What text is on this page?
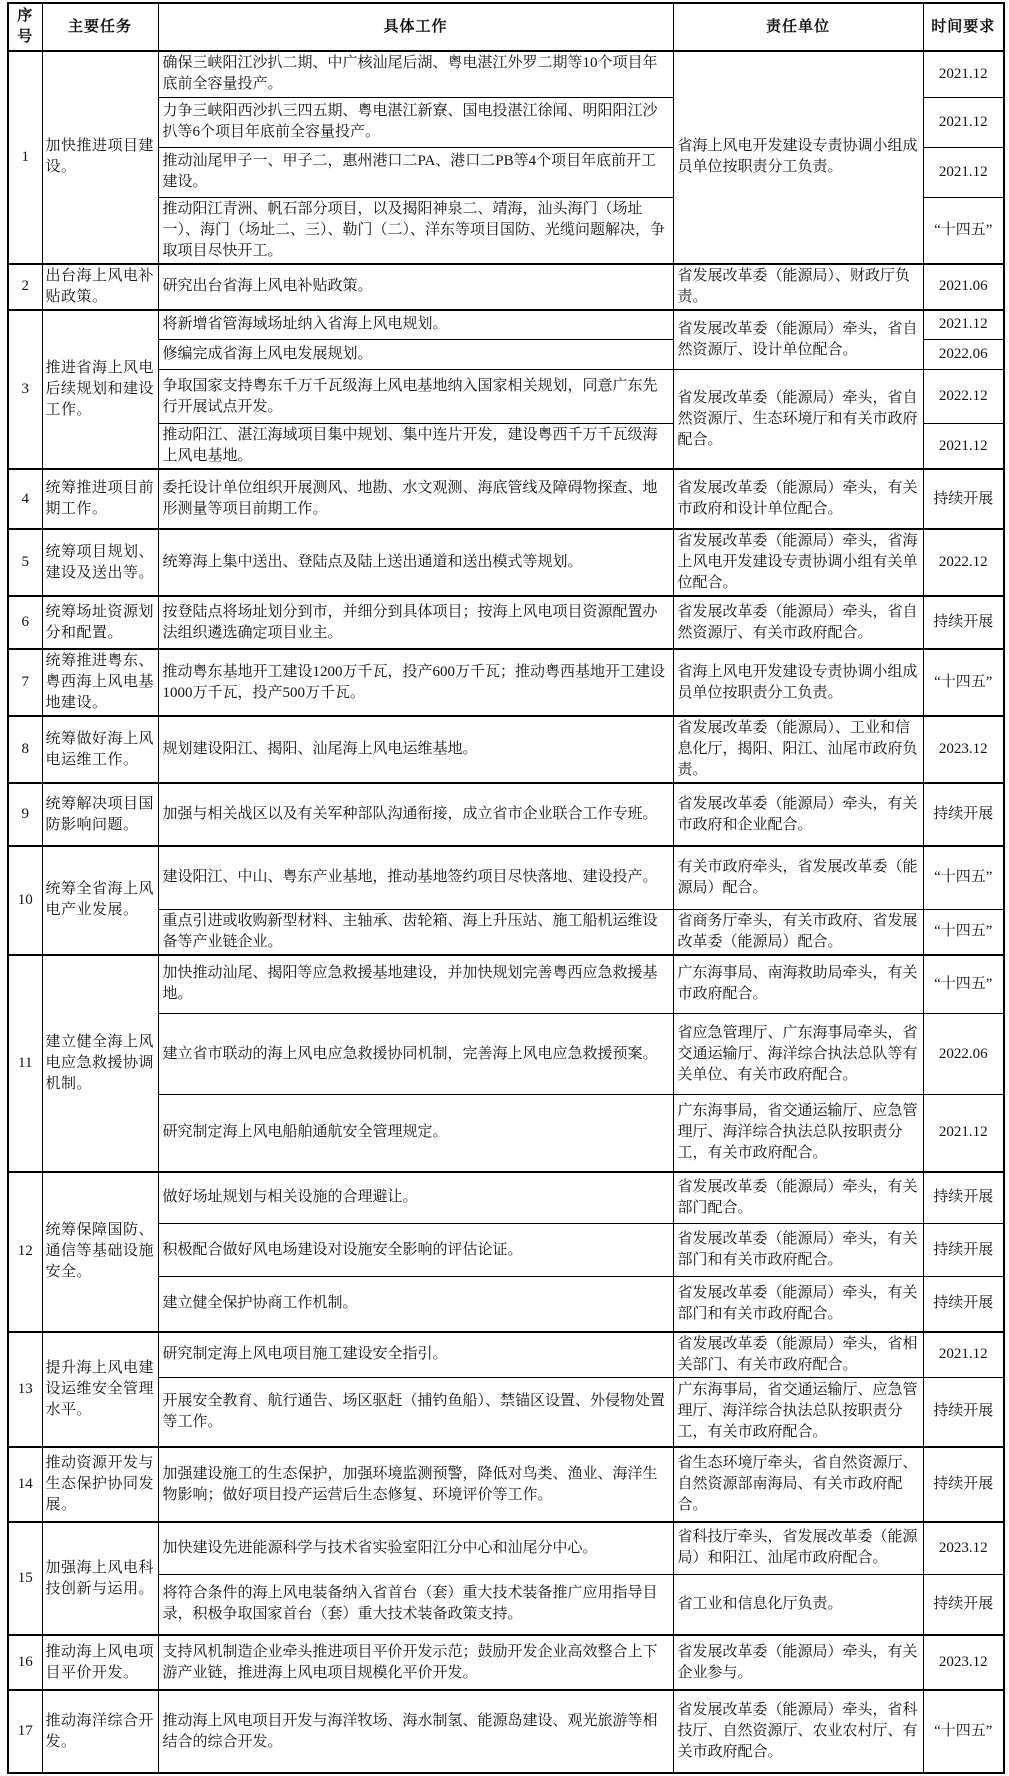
序号	主要任务	具体工作	责任单位	时间要求
1	加快推进项目建设。	确保三峡阳江沙扒二期、中广核汕尾后湖、粤电湛江外罗二期等10个项目年底前全容量投产。	省海上风电开发建设专责协调小组成员单位按职责分工负责。	2021.12
		力争三峡阳西沙扒三四五期、粤电湛江新寮、国电投湛江徐闻、明阳阳江沙扒等6个项目年底前全容量投产。		2021.12
		推动汕尾甲子一、甲子二，惠州港口二PA、港口二PB等4个项目年底前开工建设。		2021.12
		推动阳江青洲、帆石部分项目，以及揭阳神泉二、靖海，汕头海门（场址一）、海门（场址二、三）、勒门（二）、洋东等项目国防、光缆问题解决，争取项目尽快开工。		“十四五”
2	出台海上风电补贴政策。	研究出台省海上风电补贴政策。	省发展改革委（能源局）、财政厅负责。	2021.06
3	推进省海上风电后续规划和建设工作。	将新增省管海域场址纳入省海上风电规划。	省发展改革委（能源局）牵头，省自然资源厅、设计单位配合。	2021.12
		修编完成省海上风电发展规划。		2022.06
		争取国家支持粤东千万千瓦级海上风电基地纳入国家相关规划，同意广东先行开展试点开发。	省发展改革委（能源局）牵头，省自然资源厅、生态环境厅和有关市政府配合。	2022.12
		推动阳江、湛江海域项目集中规划、集中连片开发，建设粤西千万千瓦级海上风电基地。		2021.12
4	统筹推进项目前期工作。	委托设计单位组织开展测风、地勘、水文观测、海底管线及障碍物探查、地形测量等项目前期工作。	省发展改革委（能源局）牵头，有关市政府和设计单位配合。	持续开展
5	统筹项目规划、建设及送出等。	统筹海上集中送出、登陆点及陆上送出通道和送出模式等规划。	省发展改革委（能源局）牵头，省海上风电开发建设专责协调小组有关单位配合。	2022.12
6	统筹场址资源划分和配置。	按登陆点将场址划分到市，并细分到具体项目；按海上风电项目资源配置办法组织遴选确定项目业主。	省发展改革委（能源局）牵头，省自然资源厅、有关市政府配合。	持续开展
7	统筹推进粤东、粤西海上风电基地建设。	推动粤东基地开工建设1200万千瓦，投产600万千瓦；推动粤西基地开工建设1000万千瓦，投产500万千瓦。	省海上风电开发建设专责协调小组成员单位按职责分工负责。	“十四五”
8	统筹做好海上风电运维工作。	规划建设阳江、揭阳、汕尾海上风电运维基地。	省发展改革委（能源局）、工业和信息化厅，揭阳、阳江、汕尾市政府负责。	2023.12
9	统筹解决项目国防影响问题。	加强与相关战区以及有关军种部队沟通衔接，成立省市企业联合工作专班。	省发展改革委（能源局）牵头，有关市政府和企业配合。	持续开展
10	统筹全省海上风电产业发展。	建设阳江、中山、粤东产业基地，推动基地签约项目尽快落地、建设投产。	有关市政府牵头，省发展改革委（能源局）配合。	“十四五”
		重点引进或收购新型材料、主轴承、齿轮箱、海上升压站、施工船机运维设备等产业链企业。	省商务厅牵头，有关市政府、省发展改革委（能源局）配合。	“十四五”
11	建立健全海上风电应急救援协调机制。	加快推动汕尾、揭阳等应急救援基地建设，并加快规划完善粤西应急救援基地。	广东海事局、南海救助局牵头，有关市政府配合。	“十四五”
		建立省市联动的海上风电应急救援协同机制，完善海上风电应急救援预案。	省应急管理厅、广东海事局牵头，省交通运输厅、海洋综合执法总队等有关单位、有关市政府配合。	2022.06
		研究制定海上风电船舶通航安全管理规定。	广东海事局，省交通运输厅、应急管理厅、海洋综合执法总队按职责分工，有关市政府配合。	2021.12
12	统筹保障国防、通信等基础设施安全。	做好场址规划与相关设施的合理避让。	省发展改革委（能源局）牵头，有关部门配合。	持续开展
		积极配合做好风电场建设对设施安全影响的评估论证。	省发展改革委（能源局）牵头，有关部门和有关市政府配合。	持续开展
		建立健全保护协商工作机制。	省发展改革委（能源局）牵头，有关部门和有关市政府配合。	持续开展
13	提升海上风电建设运维安全管理水平。	研究制定海上风电项目施工建设安全指引。	省发展改革委（能源局）牵头，省相关部门、有关市政府配合。	2021.12
		开展安全教育、航行通告、场区驱赶（捕钓鱼船）、禁锚区设置、外侵物处置等工作。	广东海事局，省交通运输厅、应急管理厅、海洋综合执法总队按职责分工，有关市政府配合。	持续开展
14	推动资源开发与生态保护协同发展。	加强建设施工的生态保护，加强环境监测预警，降低对鸟类、渔业、海洋生物影响；做好项目投产运营后生态修复、环境评价等工作。	省生态环境厅牵头，省自然资源厅、自然资源部南海局、有关市政府配合。	持续开展
15	加强海上风电科技创新与运用。	加快建设先进能源科学与技术省实验室阳江分中心和汕尾分中心。	省科技厅牵头，省发展改革委（能源局）和阳江、汕尾市政府配合。	2023.12
		将符合条件的海上风电装备纳入省首台（套）重大技术装备推广应用指导目录，积极争取国家首台（套）重大技术装备政策支持。	省工业和信息化厅负责。	持续开展
16	推动海上风电项目平价开发。	支持风机制造企业牵头推进项目平价开发示范；鼓励开发企业高效整合上下游产业链，推进海上风电项目规模化平价开发。	省发展改革委（能源局）牵头，有关企业参与。	2023.12
17	推动海洋综合开发。	推动海上风电项目开发与海洋牧场、海水制氢、能源岛建设、观光旅游等相结合的综合开发。	省发展改革委（能源局）牵头，省科技厅、自然资源厅、农业农村厅、有关市政府配合。	“十四五”
